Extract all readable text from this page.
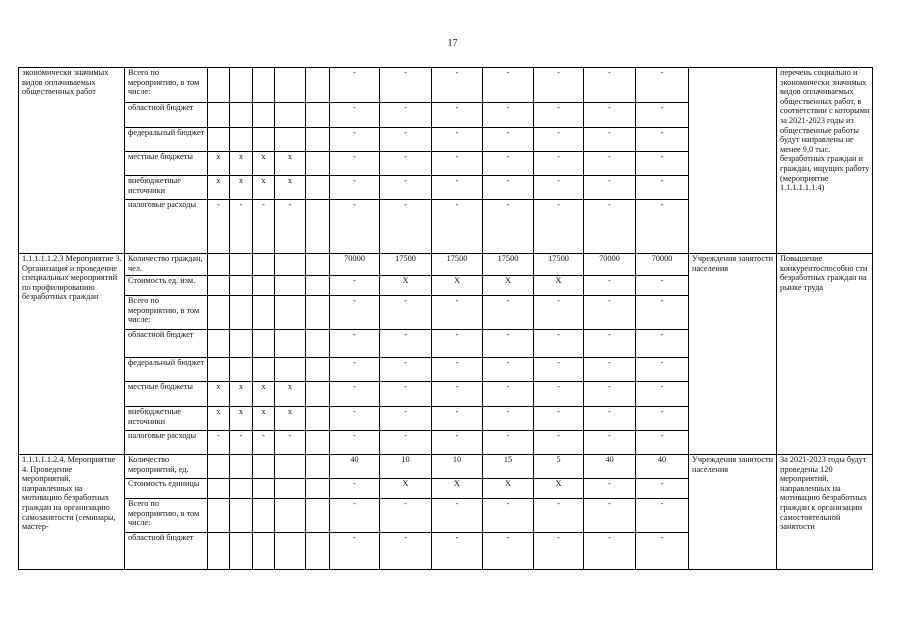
17
экономически значимых видов оплачиваемых общественных работ	Всего по мероприятию, в том числе:						-	-	-	-	-	-	-		перечень социально и экономически значимых видов оплачиваемых общественных работ, в соответствии с которыми за 2021-2023 годы из общественные работы будут направлены не менее 9,0 тыс. безработных граждан и граждан, ищущих работу (мероприятие 1.1.1.1.1.1.4)
	областной бюджет						-	-	-	-	-	-	-		
	федеральный бюджет						-	-	-	-	-	-	-		
	местные бюджеты	х	х	х	х		-	-	-	-	-	-	-		
	внебюджетные источники	х	х	х	х		-	-	-	-	-	-	-		
	налоговые расходы	-	-	-	-		-	-	-	-	-	-	-		
1.1.1.1.1.2.3 Мероприятие 3. Организация и проведение специальных мероприятий по профилированию безработных граждан	Количество граждан, чел.						70000	17500	17500	17500	17500	70000	70000	Учреждения занятости населения	Повышение конкурентоспособно сти безработных граждан на рынке труда
	Стоимость ед. изм.						-	X	X	X	X	-	-		
	Всего по мероприятию, в том числе:						-	-	-	-	-	-	-		
	областной бюджет						-	-	-	-	-	-	-		
	федеральный бюджет						-	-	-	-	-	-	-		
	местные бюджеты	х	х	х	х		-	-	-	-	-	-	-		
	внебюджетные источники	х	х	х	х		-	-	-	-	-	-	-		
	налоговые расходы	-	-	-	-		-	-	-	-	-	-	-		
1.1.1.1.1.2.4. Мероприятие 4. Проведение мероприятий, направленных на мотивацию безработных граждан на организацию самозанятости (семинары, мастер-	Количество мероприятий, ед.						40	10	10	15	5	40	40	Учреждения занятости населения	За 2021-2023 годы будут проведены 120 мероприятий, направленных на мотивацию безработных граждан к организации самостоятельной занятости
	Стоимость единицы						-	X	X	X	X	-	-		
	Всего по мероприятию, в том числе:						-	-	-	-	-	-	-		
	областной бюджет						-	-	-	-	-	-	-		
